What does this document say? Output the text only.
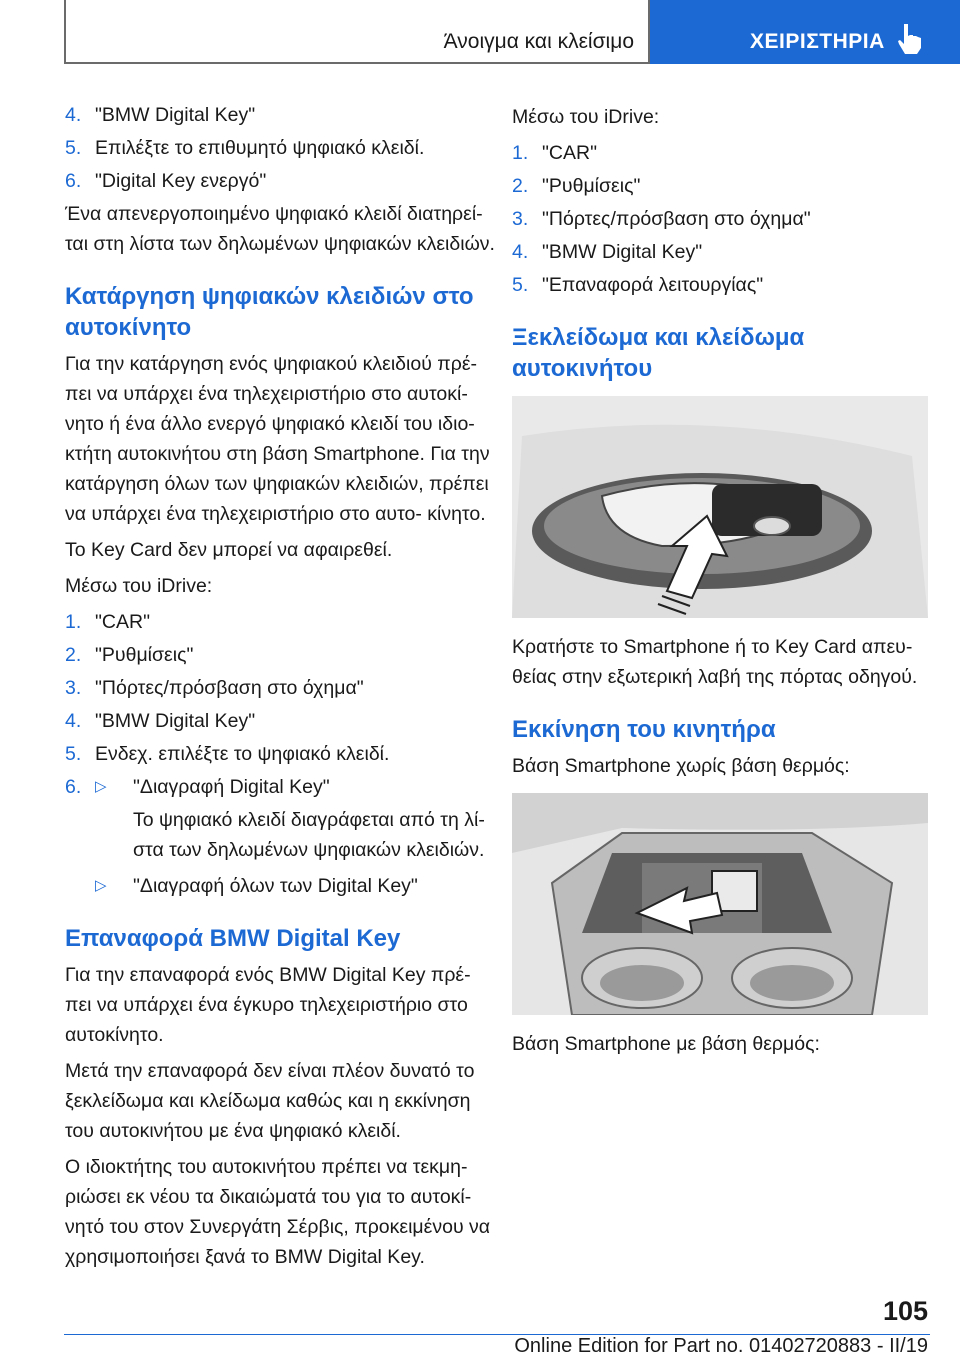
Άνοιγμα και κλείσιμο	ΧΕΙΡΙΣΤΗΡΙΑ
4. "BMW Digital Key"
5. Επιλέξτε το επιθυμητό ψηφιακό κλειδί.
6. "Digital Key ενεργό"

Ένα απενεργοποιημένο ψηφιακό κλειδί διατηρεί- ται στη λίστα των δηλωμένων ψηφιακών κλειδιών.

Κατάργηση ψηφιακών κλειδιών στο αυτοκίνητο

Για την κατάργηση ενός ψηφιακού κλειδιού πρέ- πει να υπάρχει ένα τηλεχειριστήριο στο αυτοκί- νητο ή ένα άλλο ενεργό ψηφιακό κλειδί του ιδιο- κτήτη αυτοκινήτου στη βάση Smartphone. Για την κατάργηση όλων των ψηφιακών κλειδιών, πρέπει να υπάρχει ένα τηλεχειριστήριο στο αυτο- κίνητο.

Το Key Card δεν μπορεί να αφαιρεθεί.

Μέσω του iDrive:

1. "CAR"
2. "Ρυθμίσεις"
3. "Πόρτες/πρόσβαση στο όχημα"
4. "BMW Digital Key"
5. Ενδεχ. επιλέξτε το ψηφιακό κλειδί.
6. ▷	"Διαγραφή Digital Key"

Το ψηφιακό κλειδί διαγράφεται από τη λί- στα των δηλωμένων ψηφιακών κλειδιών.

▷	"Διαγραφή όλων των Digital Key"
Επαναφορά BMW Digital Key

Για την επαναφορά ενός BMW Digital Key πρέ- πει να υπάρχει ένα έγκυρο τηλεχειριστήριο στο αυτοκίνητο.

Μετά την επαναφορά δεν είναι πλέον δυνατό το ξεκλείδωμα και κλείδωμα καθώς και η εκκίνηση του αυτοκινήτου με ένα ψηφιακό κλειδί.

Ο ιδιοκτήτης του αυτοκινήτου πρέπει να τεκμη- ριώσει εκ νέου τα δικαιώματά του για το αυτοκί- νητό του στον Συνεργάτη Σέρβις, προκειμένου να χρησιμοποιήσει ξανά το BMW Digital Key.

Μέσω του iDrive:

1. "CAR"
2. "Ρυθμίσεις"
3. "Πόρτες/πρόσβαση στο όχημα"
4. "BMW Digital Key"
5. "Επαναφορά λειτουργίας"
Ξεκλείδωμα και κλείδωμα αυτοκινήτου

Κρατήστε το Smartphone ή το Key Card απευ- θείας στην εξωτερική λαβή της πόρτας οδηγού.

Εκκίνηση του κινητήρα

Βάση Smartphone χωρίς βάση θερμός:

Βάση Smartphone με βάση θερμός:

105
Online Edition for Part no. 01402720883 - II/19
